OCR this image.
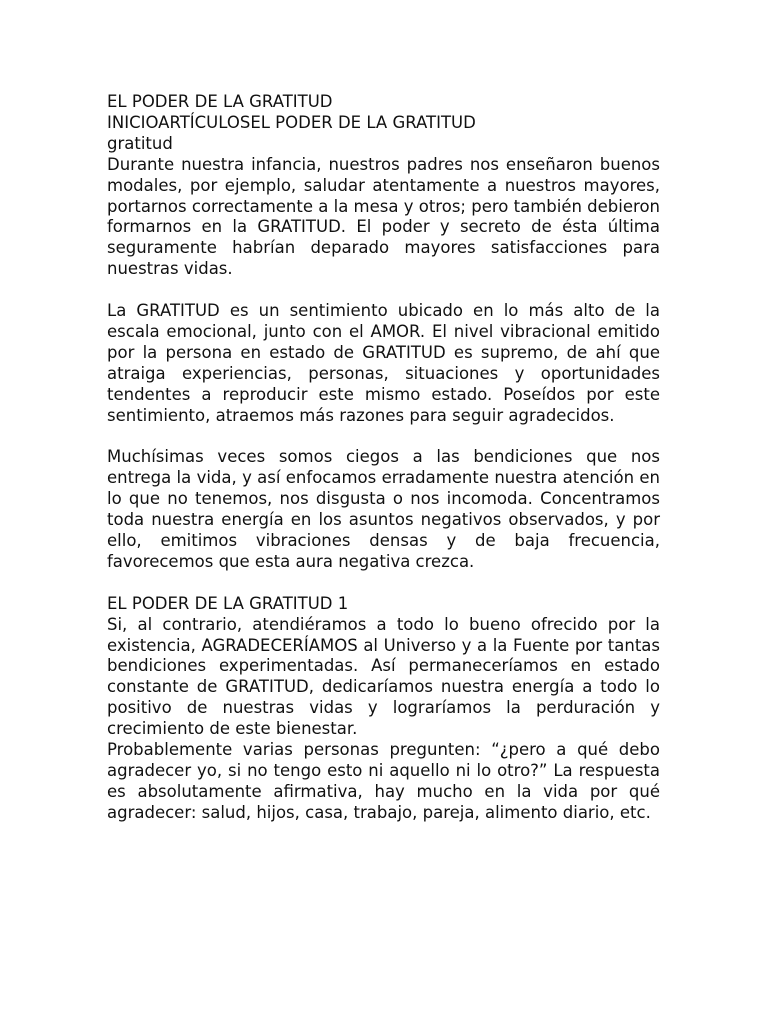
EL PODER DE LA GRATITUD
INICIOARTÍCULOSEL PODER DE LA GRATITUD
gratitud

Durante nuestra infancia, nuestros padres nos enseñaron buenos modales, por ejemplo, saludar atentamente a nuestros mayores, portarnos correctamente a la mesa y otros; pero también debieron formarnos en la GRATITUD. El poder y secreto de ésta última seguramente habrían deparado mayores satisfacciones para nuestras vidas.

La GRATITUD es un sentimiento ubicado en lo más alto de la escala emocional, junto con el AMOR. El nivel vibracional emitido por la persona en estado de GRATITUD es supremo, de ahí que atraiga experiencias, personas, situaciones y oportunidades tendentes a reproducir este mismo estado. Poseídos por este sentimiento, atraemos más razones para seguir agradecidos.

Muchísimas veces somos ciegos a las bendiciones que nos entrega la vida, y así enfocamos erradamente nuestra atención en lo que no tenemos, nos disgusta o nos incomoda. Concentramos toda nuestra energía en los asuntos negativos observados, y por ello, emitimos vibraciones densas y de baja frecuencia, favorecemos que esta aura negativa crezca.

EL PODER DE LA GRATITUD 1

Si, al contrario, atendiéramos a todo lo bueno ofrecido por la existencia, AGRADECERÍAMOS al Universo y a la Fuente por tantas bendiciones experimentadas. Así permaneceríamos en estado constante de GRATITUD, dedicaríamos nuestra energía a todo lo positivo de nuestras vidas y lograríamos la perduración y crecimiento de este bienestar.

Probablemente varias personas pregunten: “¿pero a qué debo agradecer yo, si no tengo esto ni aquello ni lo otro?” La respuesta es absolutamente afirmativa, hay mucho en la vida por qué agradecer: salud, hijos, casa, trabajo, pareja, alimento diario, etc.
